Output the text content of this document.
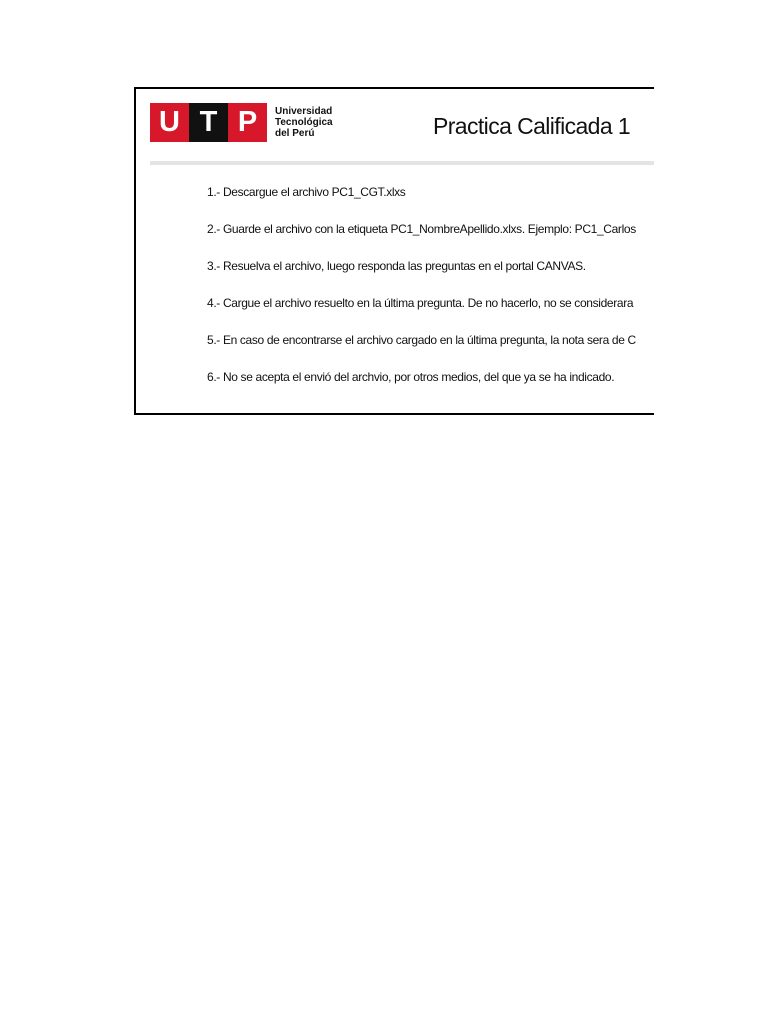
U T P	Universidad
Tecnológica
del Perú	Practica Calificada 1
1.- Descargue el archivo PC1_CGT.xlxs
2.- Guarde el archivo con la etiqueta PC1_NombreApellido.xlxs. Ejemplo: PC1_Carlos
3.- Resuelva el archivo, luego responda las preguntas en el portal CANVAS.
4.- Cargue el archivo resuelto en la última pregunta. De no hacerlo, no se considerara
5.- En caso de encontrarse el archivo cargado en la última pregunta, la nota sera de C
6.- No se acepta el envió del archvio, por otros medios, del que ya se ha indicado.
